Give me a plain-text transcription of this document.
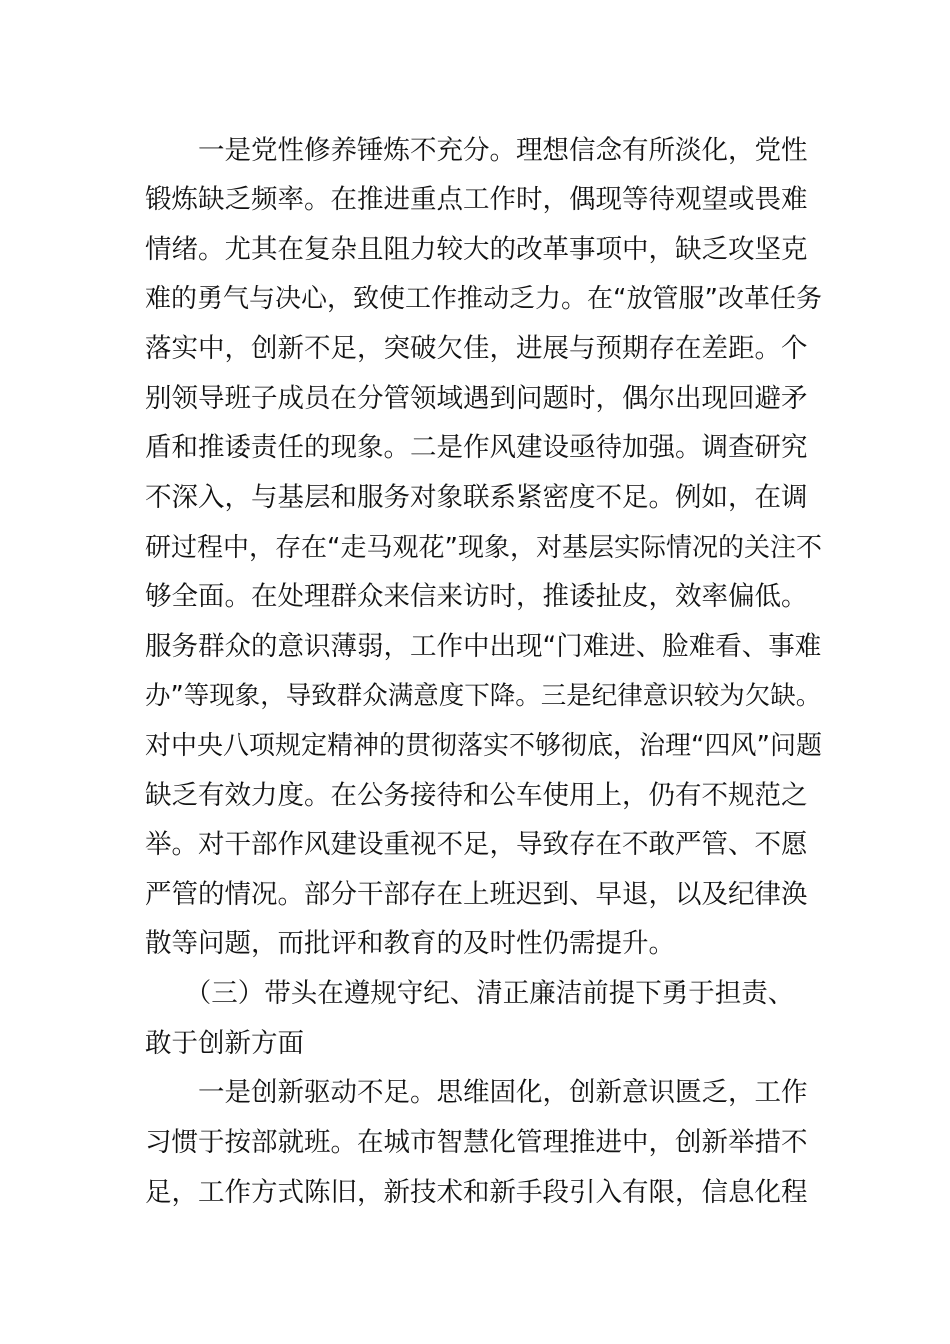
　　一是党性修养锤炼不充分。理想信念有所淡化，党性
锻炼缺乏频率。在推进重点工作时，偶现等待观望或畏难
情绪。尤其在复杂且阻力较大的改革事项中，缺乏攻坚克
难的勇气与决心，致使工作推动乏力。在“放管服”改革任务
落实中，创新不足，突破欠佳，进展与预期存在差距。个
别领导班子成员在分管领域遇到问题时，偶尔出现回避矛
盾和推诿责任的现象。二是作风建设亟待加强。调查研究
不深入，与基层和服务对象联系紧密度不足。例如，在调
研过程中，存在“走马观花”现象，对基层实际情况的关注不
够全面。在处理群众来信来访时，推诿扯皮，效率偏低。
服务群众的意识薄弱，工作中出现“门难进、脸难看、事难
办”等现象，导致群众满意度下降。三是纪律意识较为欠缺。
对中央八项规定精神的贯彻落实不够彻底，治理“四风”问题
缺乏有效力度。在公务接待和公车使用上，仍有不规范之
举。对干部作风建设重视不足，导致存在不敢严管、不愿
严管的情况。部分干部存在上班迟到、早退，以及纪律涣
散等问题，而批评和教育的及时性仍需提升。
　　（三）带头在遵规守纪、清正廉洁前提下勇于担责、
敢于创新方面
　　一是创新驱动不足。思维固化，创新意识匮乏，工作
习惯于按部就班。在城市智慧化管理推进中，创新举措不
足，工作方式陈旧，新技术和新手段引入有限，信息化程
